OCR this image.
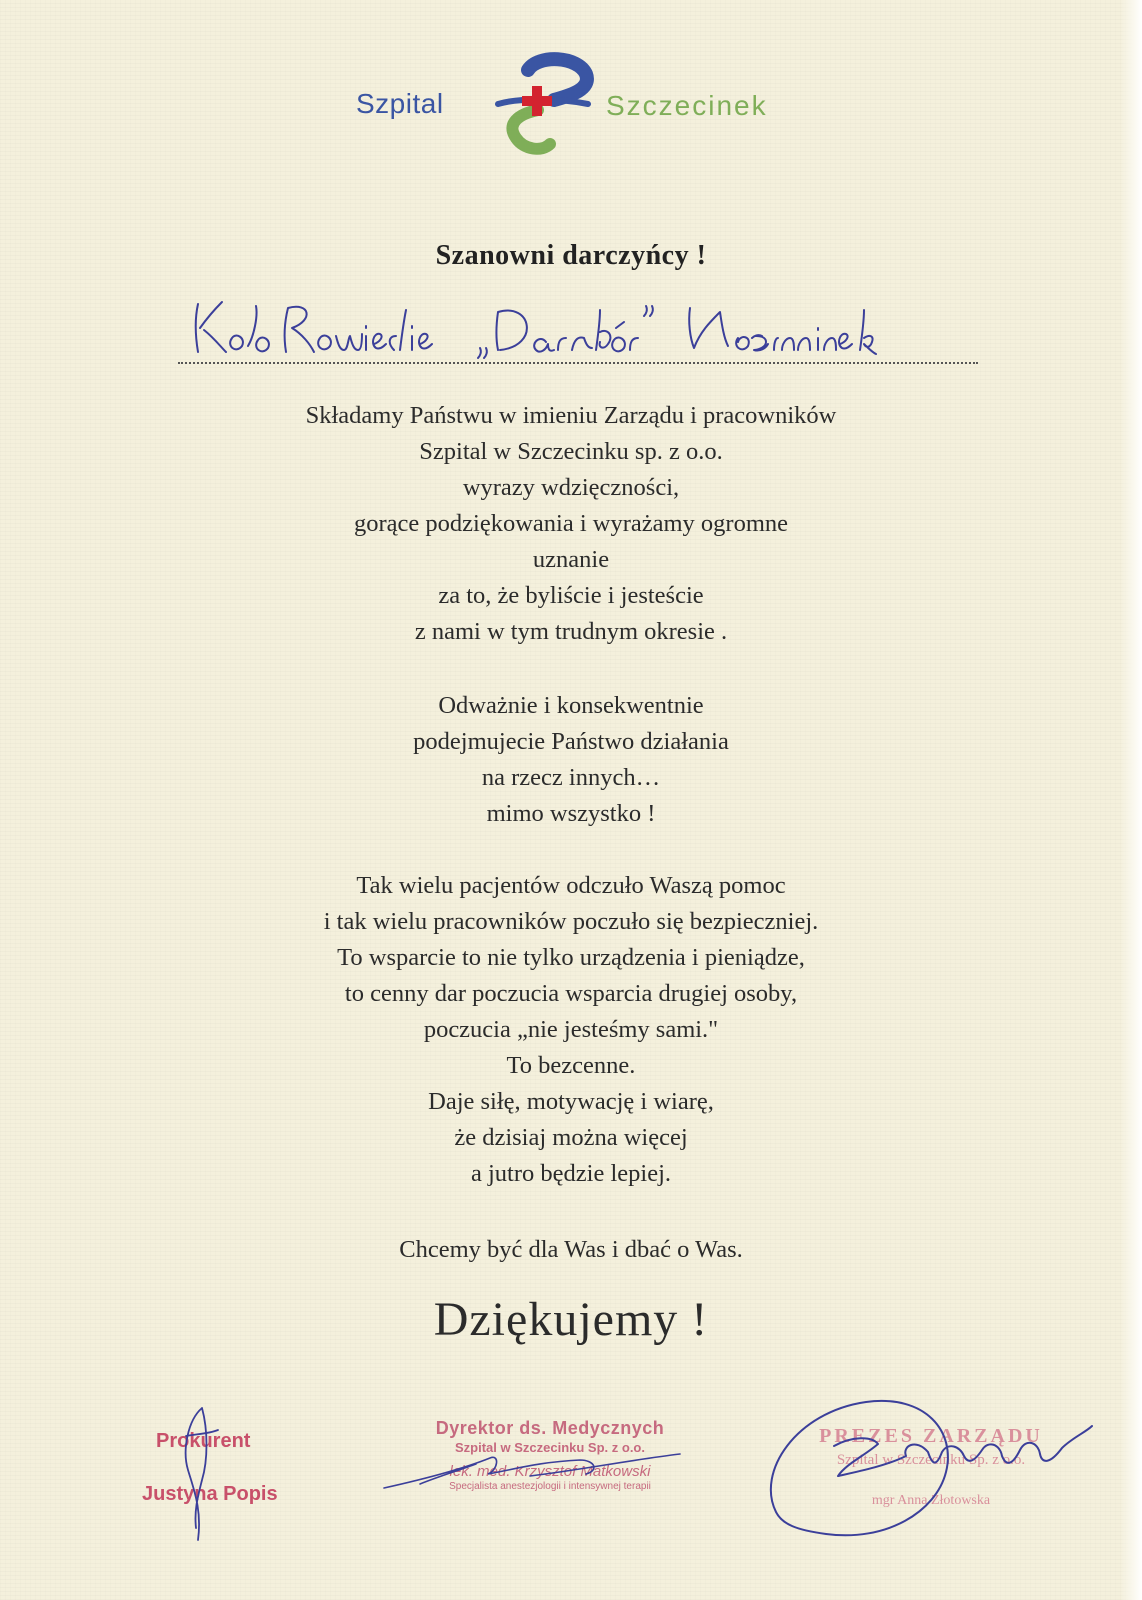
Szpital	Szczecinek
Szanowni darczyńcy !
Składamy Państwu w imieniu Zarządu i pracowników
Szpital w Szczecinku sp. z o.o.
wyrazy wdzięczności,
gorące podziękowania i wyrażamy ogromne
uznanie
za to, że byliście i jesteście
z nami w tym trudnym okresie .
Odważnie i konsekwentnie
podejmujecie Państwo działania
na rzecz innych…
mimo wszystko !
Tak wielu pacjentów odczuło Waszą pomoc
i tak wielu pracowników poczuło się bezpieczniej.
To wsparcie to nie tylko urządzenia i pieniądze,
to cenny dar poczucia wsparcia drugiej osoby,
poczucia „nie jesteśmy sami."
To bezcenne.
Daje siłę, motywację i wiarę,
że dzisiaj można więcej
a jutro będzie lepiej.
Chcemy być dla Was i dbać o Was.
Dziękujemy !
Prokurent
Justyna Popis
Dyrektor ds. Medycznych
Szpital w Szczecinku Sp. z o.o.
lek. med. Krzysztof Matkowski
Specjalista anestezjologii i intensywnej terapii
PREZES ZARZĄDU
Szpital w Szczecinku Sp. z o.o.
mgr Anna Złotowska
